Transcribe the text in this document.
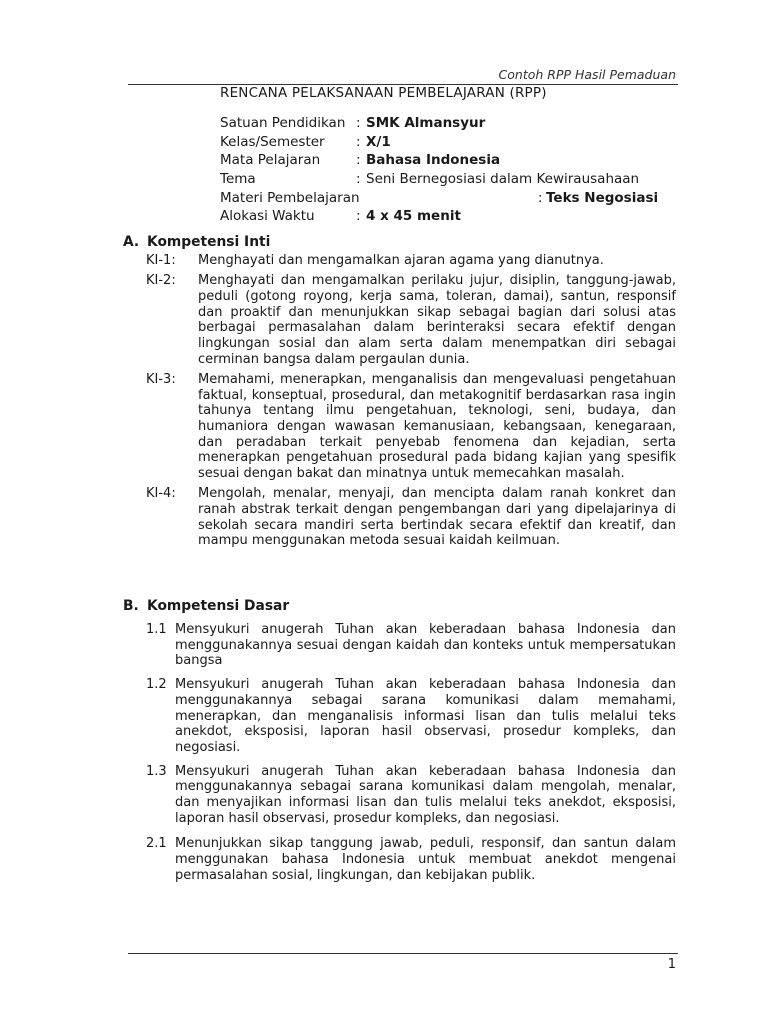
Contoh RPP Hasil Pemaduan
RENCANA PELAKSANAAN PEMBELAJARAN (RPP)
Satuan Pendidikan : SMK Almansyur
Kelas/Semester : X/1
Mata Pelajaran	: Bahasa Indonesia
Tema	: Seni Bernegosiasi dalam Kewirausahaan
Materi Pembelajaran	: Teks Negosiasi
Alokasi Waktu	: 4 x 45 menit
A. Kompetensi Inti
KI-1:	Menghayati dan mengamalkan ajaran agama yang dianutnya.
KI-2:	Menghayati dan mengamalkan perilaku jujur, disiplin, tanggung-jawab, peduli (gotong royong, kerja sama, toleran, damai), santun, responsif dan proaktif dan menunjukkan sikap sebagai bagian dari solusi atas berbagai permasalahan dalam berinteraksi secara efektif dengan lingkungan sosial dan alam serta dalam menempatkan diri sebagai cerminan bangsa dalam pergaulan dunia.
KI-3:	Memahami, menerapkan, menganalisis dan mengevaluasi pengetahuan faktual, konseptual, prosedural, dan metakognitif berdasarkan rasa ingin tahunya tentang ilmu pengetahuan, teknologi, seni, budaya, dan humaniora dengan wawasan kemanusiaan, kebangsaan, kenegaraan, dan peradaban terkait penyebab fenomena dan kejadian, serta menerapkan pengetahuan prosedural pada bidang kajian yang spesifik sesuai dengan bakat dan minatnya untuk memecahkan masalah.
KI-4:	Mengolah, menalar, menyaji, dan mencipta dalam ranah konkret dan ranah abstrak terkait dengan pengembangan dari yang dipelajarinya di sekolah secara mandiri serta bertindak secara efektif dan kreatif, dan mampu menggunakan metoda sesuai kaidah keilmuan.
B. Kompetensi Dasar
1.1 Mensyukuri anugerah Tuhan akan keberadaan bahasa Indonesia dan menggunakannya sesuai dengan kaidah dan konteks untuk mempersatukan bangsa
1.2 Mensyukuri anugerah Tuhan akan keberadaan bahasa Indonesia dan menggunakannya sebagai sarana komunikasi dalam memahami, menerapkan, dan menganalisis informasi lisan dan tulis melalui teks anekdot, eksposisi, laporan hasil observasi, prosedur kompleks, dan negosiasi.
1.3 Mensyukuri anugerah Tuhan akan keberadaan bahasa Indonesia dan menggunakannya sebagai sarana komunikasi dalam mengolah, menalar, dan menyajikan informasi lisan dan tulis melalui teks anekdot, eksposisi, laporan hasil observasi, prosedur kompleks, dan negosiasi.
2.1 Menunjukkan sikap tanggung jawab, peduli, responsif, dan santun dalam menggunakan bahasa Indonesia untuk membuat anekdot mengenai permasalahan sosial, lingkungan, dan kebijakan publik.
1
